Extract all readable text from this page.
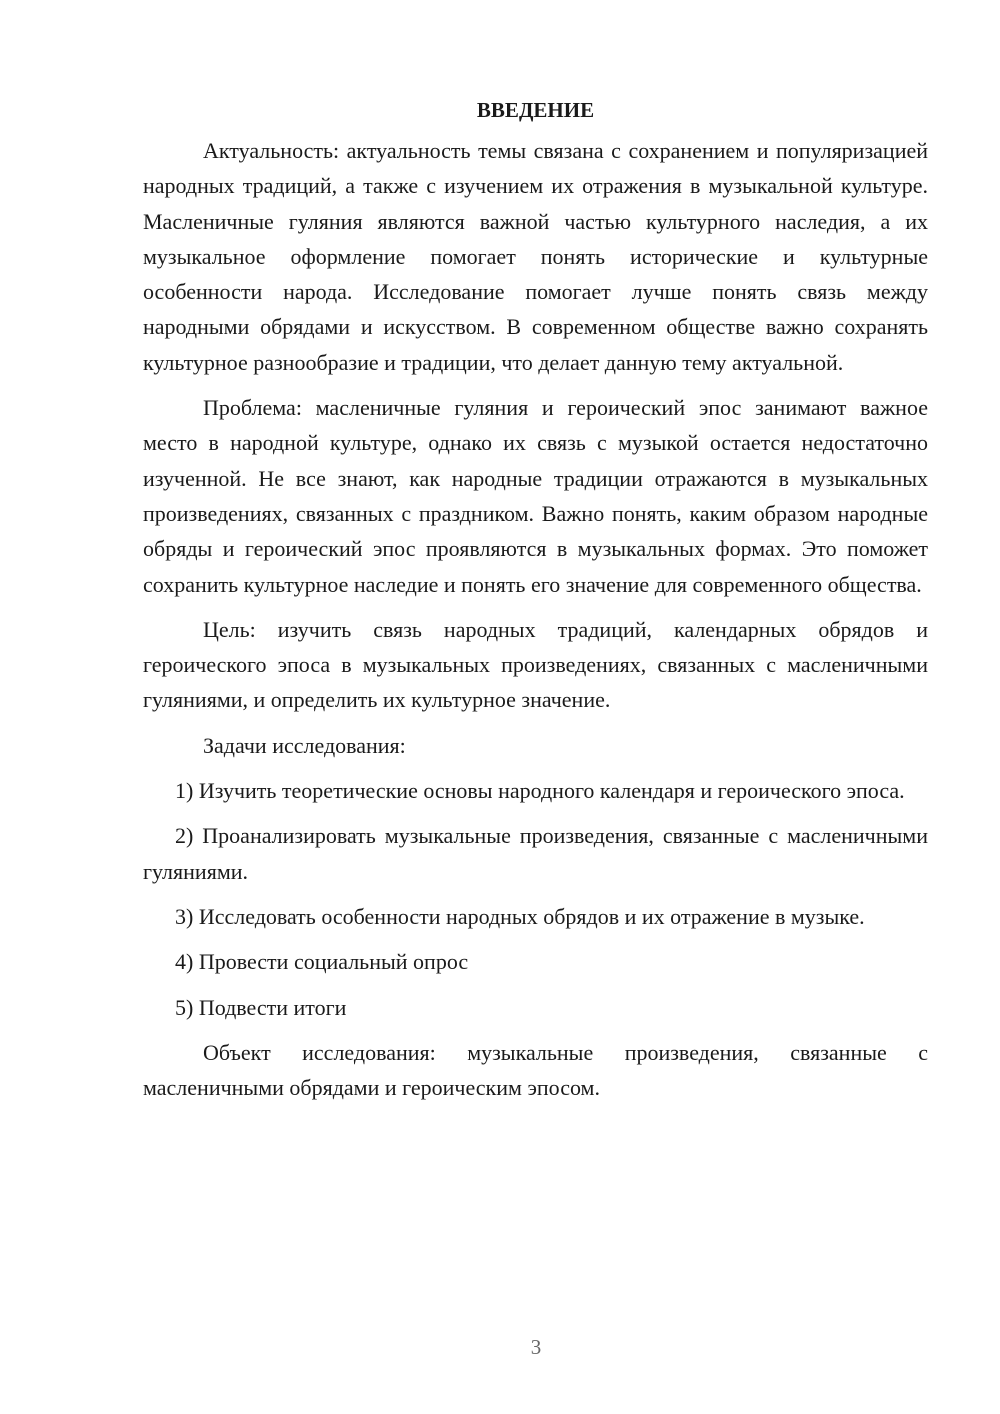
ВВЕДЕНИЕ

Актуальность: актуальность темы связана с сохранением и популяризацией народных традиций, а также с изучением их отражения в музыкальной культуре. Масленичные гуляния являются важной частью культурного наследия, а их музыкальное оформление помогает понять исторические и культурные особенности народа. Исследование помогает лучше понять связь между народными обрядами и искусством. В современном обществе важно сохранять культурное разнообразие и традиции, что делает данную тему актуальной.

Проблема: масленичные гуляния и героический эпос занимают важное место в народной культуре, однако их связь с музыкой остается недостаточно изученной. Не все знают, как народные традиции отражаются в музыкальных произведениях, связанных с праздником. Важно понять, каким образом народные обряды и героический эпос проявляются в музыкальных формах. Это поможет сохранить культурное наследие и понять его значение для современного общества.

Цель: изучить связь народных традиций, календарных обрядов и героического эпоса в музыкальных произведениях, связанных с масленичными гуляниями, и определить их культурное значение.

Задачи исследования:

1) Изучить теоретические основы народного календаря и героического эпоса.

2) Проанализировать музыкальные произведения, связанные с масленичными гуляниями.

3) Исследовать особенности народных обрядов и их отражение в музыке.

4) Провести социальный опрос

5) Подвести итоги

Объект исследования: музыкальные произведения, связанные с масленичными обрядами и героическим эпосом.

3
